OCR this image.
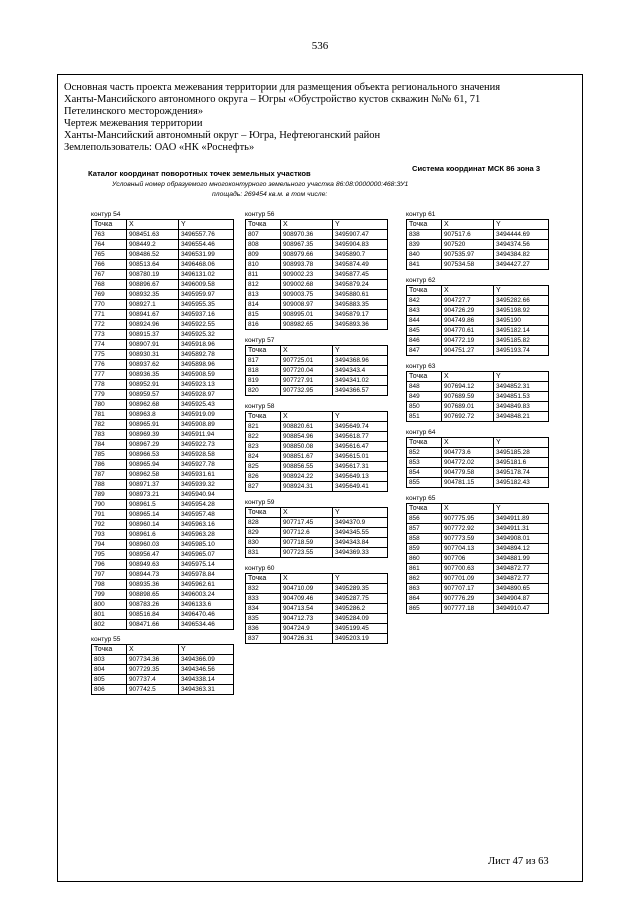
536
Основная часть проекта межевания территории для размещения объекта регионального значения
Ханты-Мансийского автономного округа – Югры «Обустройство кустов скважин №№ 61, 71
Петелинского месторождения»
Чертеж межевания территории
Ханты-Мансийский автономный округ – Югра, Нефтеюганский район
Землепользователь: ОАО «НК «Роснефть»
Каталог координат поворотных точек земельных участков
Система координат МСК 86 зона 3
Условный номер образуемого многоконтурного земельного участка 86:08:0000000:468:ЗУ1
площадь: 269454 кв.м. в том числе:
контур 54
Точка	X	Y
763	908451.63	3496557.76
764	908449.2	3496554.46
765	908486.52	3496531.99
766	908513.64	3496468.06
767	908780.19	3496131.02
768	908896.67	3496009.58
769	908932.35	3495959.97
770	908927.1	3495955.35
771	908941.67	3495937.16
772	908924.96	3495922.55
773	908915.37	3495925.32
774	908907.91	3495918.96
775	908930.31	3495892.78
776	908937.62	3495898.96
777	908936.35	3495908.59
778	908952.91	3495923.13
779	908959.57	3495928.97
780	908962.68	3495925.43
781	908963.8	3495919.09
782	908965.91	3495908.89
783	908969.39	3495911.94
784	908967.29	3495922.73
785	908966.53	3495928.58
786	908965.94	3495927.78
787	908962.58	3495931.61
788	908971.37	3495939.32
789	908973.21	3495940.94
790	908961.5	3495954.28
791	908965.14	3495957.48
792	908960.14	3495963.16
793	908961.6	3495963.28
794	908960.03	3495985.10
795	908956.47	3495965.07
796	908949.63	3495975.14
797	908944.73	3495978.84
798	908935.36	3495962.61
799	908898.65	3496003.24
800	908783.26	3496133.6
801	908516.84	3496470.46
802	908471.66	3496534.46
контур 55
Точка	X	Y
803	907734.36	3494366.09
804	907729.35	3494346.56
805	907737.4	3494338.14
806	907742.5	3494363.31
контур 56
Точка	X	Y
807	908970.36	3495907.47
808	908967.35	3495904.83
809	908979.66	3495890.7
810	908993.78	3495874.49
811	909002.23	3495877.45
812	909002.68	3495879.24
813	909003.75	3495880.61
814	909008.97	3495883.35
815	908995.01	3495879.17
816	908982.65	3495893.36
контур 57
Точка	X	Y
817	907725.01	3494368.96
818	907720.04	3494343.4
819	907727.91	3494341.02
820	907732.95	3494366.57
контур 58
Точка	X	Y
821	908820.61	3495649.74
822	908854.96	3495618.77
823	908850.08	3495616.47
824	908851.67	3495615.01
825	908856.55	3495617.31
826	908924.22	3495649.13
827	908924.31	3495649.41
контур 59
Точка	X	Y
828	907717.45	3494370.9
829	907712.6	3494345.55
830	907718.59	3494343.84
831	907723.55	3494369.33
контур 60
Точка	X	Y
832	904710.09	3495289.35
833	904709.46	3495287.75
834	904713.54	3495286.2
835	904712.73	3495284.09
836	904724.9	3495199.45
837	904726.31	3495203.19
контур 61
Точка	X	Y
838	907517.6	3494444.69
839	907520	3494374.56
840	907535.97	3494384.82
841	907534.58	3494427.27
контур 62
Точка	X	Y
842	904727.7	3495282.66
843	904726.29	3495198.92
844	904749.86	3495190
845	904770.61	3495182.14
846	904772.19	3495185.82
847	904751.27	3495193.74
контур 63
Точка	X	Y
848	907694.12	3494852.31
849	907689.59	3494851.53
850	907689.01	3494849.83
851	907692.72	3494848.21
контур 64
Точка	X	Y
852	904773.6	3495185.28
853	904772.02	3495181.6
854	904779.58	3495178.74
855	904781.15	3495182.43
контур 65
Точка	X	Y
856	907775.95	3494911.89
857	907772.92	3494911.31
858	907773.59	3494908.01
859	907704.13	3494894.12
860	907706	3494881.99
861	907700.63	3494872.77
862	907701.09	3494872.77
863	907707.17	3494890.65
864	907776.29	3494904.87
865	907777.18	3494910.47
Лист 47 из 63
